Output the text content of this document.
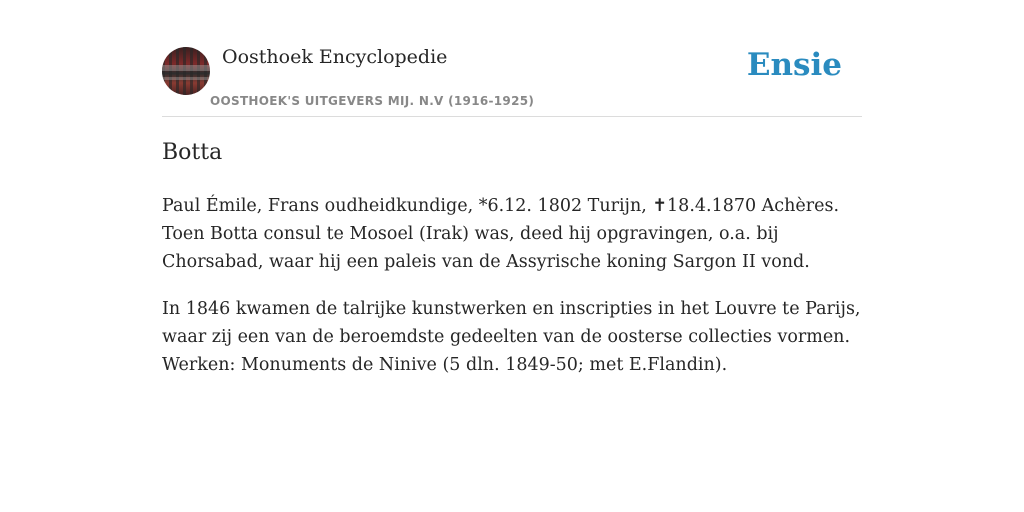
Oosthoek Encyclopedie
OOSTHOEK'S UITGEVERS MIJ. N.V (1916-1925)
Ensie
Botta

Paul Émile, Frans oudheidkundige, *6.12. 1802 Turijn, ✝18.4.1870 Achères. Toen Botta consul te Mosoel (Irak) was, deed hij opgravingen, o.a. bij Chorsabad, waar hij een paleis van de Assyrische koning Sargon II vond.

In 1846 kwamen de talrijke kunstwerken en inscripties in het Louvre te Parijs, waar zij een van de beroemdste gedeelten van de oosterse collecties vormen. Werken: Monuments de Ninive (5 dln. 1849-50; met E.Flandin).
